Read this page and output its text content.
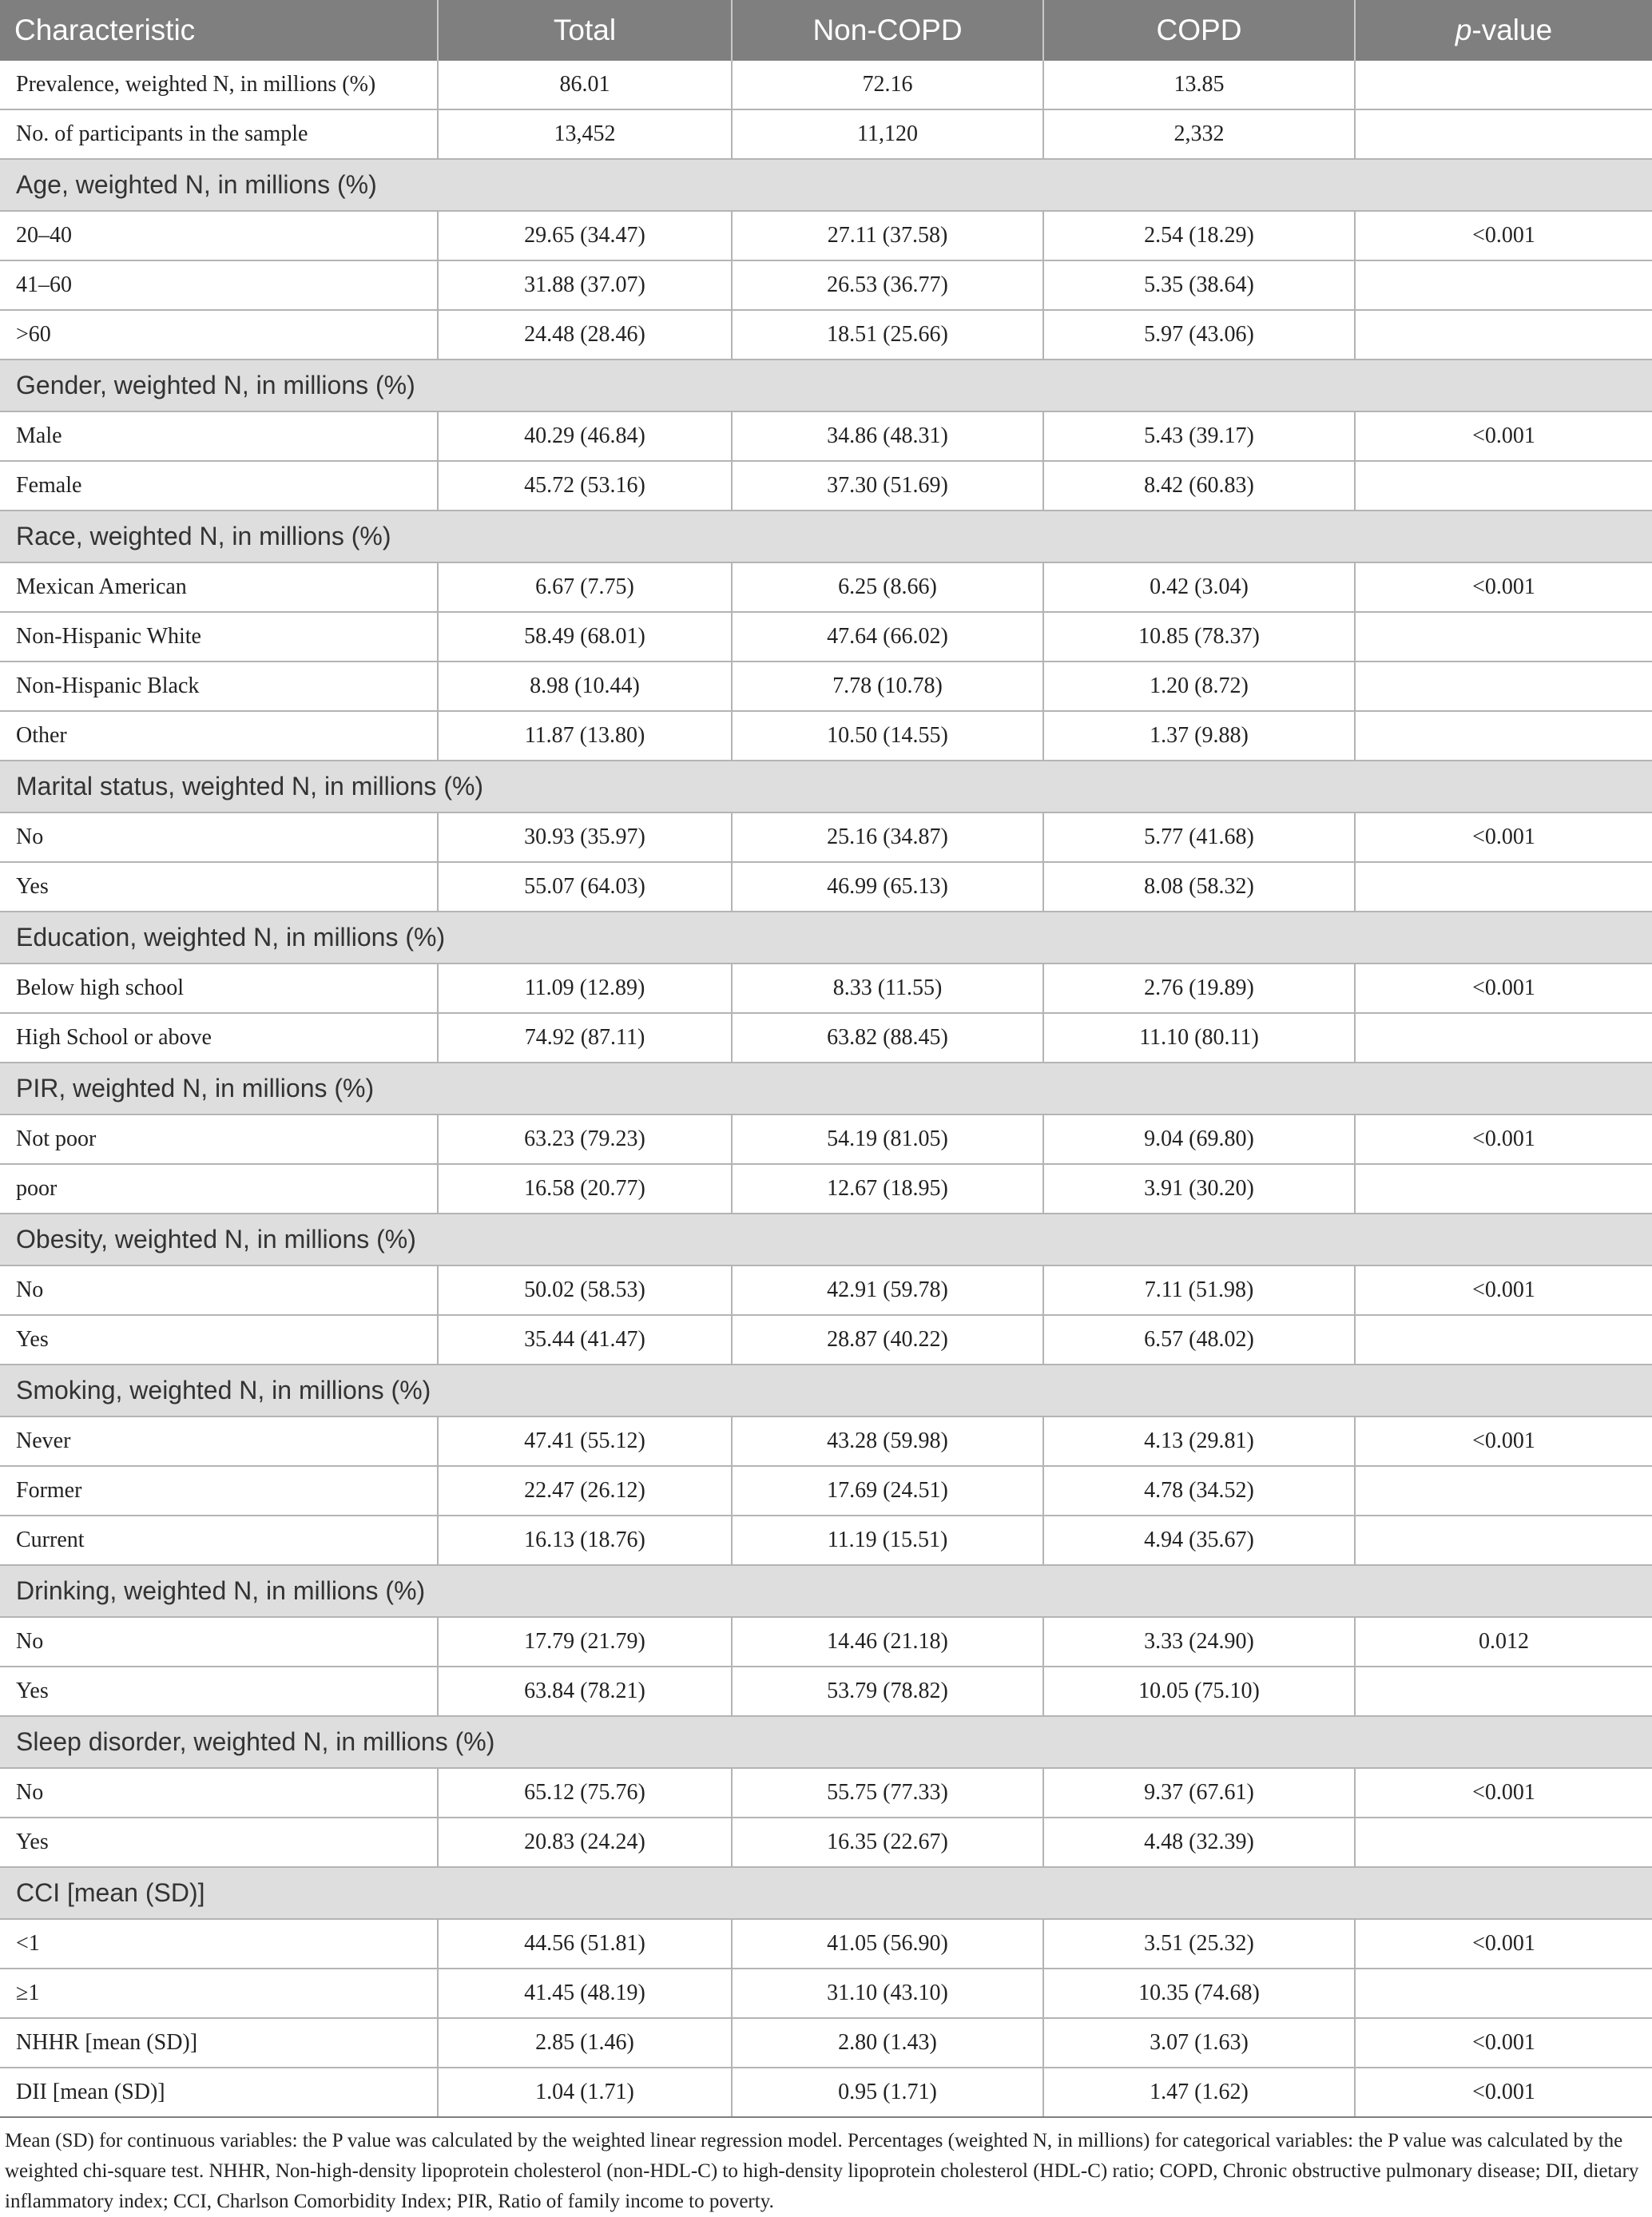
Characteristic	Total	Non-COPD	COPD	p-value
Prevalence, weighted N, in millions (%)	86.01	72.16	13.85	
No. of participants in the sample	13,452	11,120	2,332	
Age, weighted N, in millions (%)				
20–40	29.65 (34.47)	27.11 (37.58)	2.54 (18.29)	<0.001
41–60	31.88 (37.07)	26.53 (36.77)	5.35 (38.64)	
>60	24.48 (28.46)	18.51 (25.66)	5.97 (43.06)	
Gender, weighted N, in millions (%)				
Male	40.29 (46.84)	34.86 (48.31)	5.43 (39.17)	<0.001
Female	45.72 (53.16)	37.30 (51.69)	8.42 (60.83)	
Race, weighted N, in millions (%)				
Mexican American	6.67 (7.75)	6.25 (8.66)	0.42 (3.04)	<0.001
Non-Hispanic White	58.49 (68.01)	47.64 (66.02)	10.85 (78.37)	
Non-Hispanic Black	8.98 (10.44)	7.78 (10.78)	1.20 (8.72)	
Other	11.87 (13.80)	10.50 (14.55)	1.37 (9.88)	
Marital status, weighted N, in millions (%)				
No	30.93 (35.97)	25.16 (34.87)	5.77 (41.68)	<0.001
Yes	55.07 (64.03)	46.99 (65.13)	8.08 (58.32)	
Education, weighted N, in millions (%)				
Below high school	11.09 (12.89)	8.33 (11.55)	2.76 (19.89)	<0.001
High School or above	74.92 (87.11)	63.82 (88.45)	11.10 (80.11)	
PIR, weighted N, in millions (%)				
Not poor	63.23 (79.23)	54.19 (81.05)	9.04 (69.80)	<0.001
poor	16.58 (20.77)	12.67 (18.95)	3.91 (30.20)	
Obesity, weighted N, in millions (%)				
No	50.02 (58.53)	42.91 (59.78)	7.11 (51.98)	<0.001
Yes	35.44 (41.47)	28.87 (40.22)	6.57 (48.02)	
Smoking, weighted N, in millions (%)				
Never	47.41 (55.12)	43.28 (59.98)	4.13 (29.81)	<0.001
Former	22.47 (26.12)	17.69 (24.51)	4.78 (34.52)	
Current	16.13 (18.76)	11.19 (15.51)	4.94 (35.67)	
Drinking, weighted N, in millions (%)				
No	17.79 (21.79)	14.46 (21.18)	3.33 (24.90)	0.012
Yes	63.84 (78.21)	53.79 (78.82)	10.05 (75.10)	
Sleep disorder, weighted N, in millions (%)				
No	65.12 (75.76)	55.75 (77.33)	9.37 (67.61)	<0.001
Yes	20.83 (24.24)	16.35 (22.67)	4.48 (32.39)	
CCI [mean (SD)]				
<1	44.56 (51.81)	41.05 (56.90)	3.51 (25.32)	<0.001
≥1	41.45 (48.19)	31.10 (43.10)	10.35 (74.68)	
NHHR [mean (SD)]	2.85 (1.46)	2.80 (1.43)	3.07 (1.63)	<0.001
DII [mean (SD)]	1.04 (1.71)	0.95 (1.71)	1.47 (1.62)	<0.001
Mean (SD) for continuous variables: the P value was calculated by the weighted linear regression model. Percentages (weighted N, in millions) for categorical variables: the P value was calculated by the weighted chi-square test. NHHR, Non-high-density lipoprotein cholesterol (non-HDL-C) to high-density lipoprotein cholesterol (HDL-C) ratio; COPD, Chronic obstructive pulmonary disease; DII, dietary inflammatory index; CCI, Charlson Comorbidity Index; PIR, Ratio of family income to poverty.
